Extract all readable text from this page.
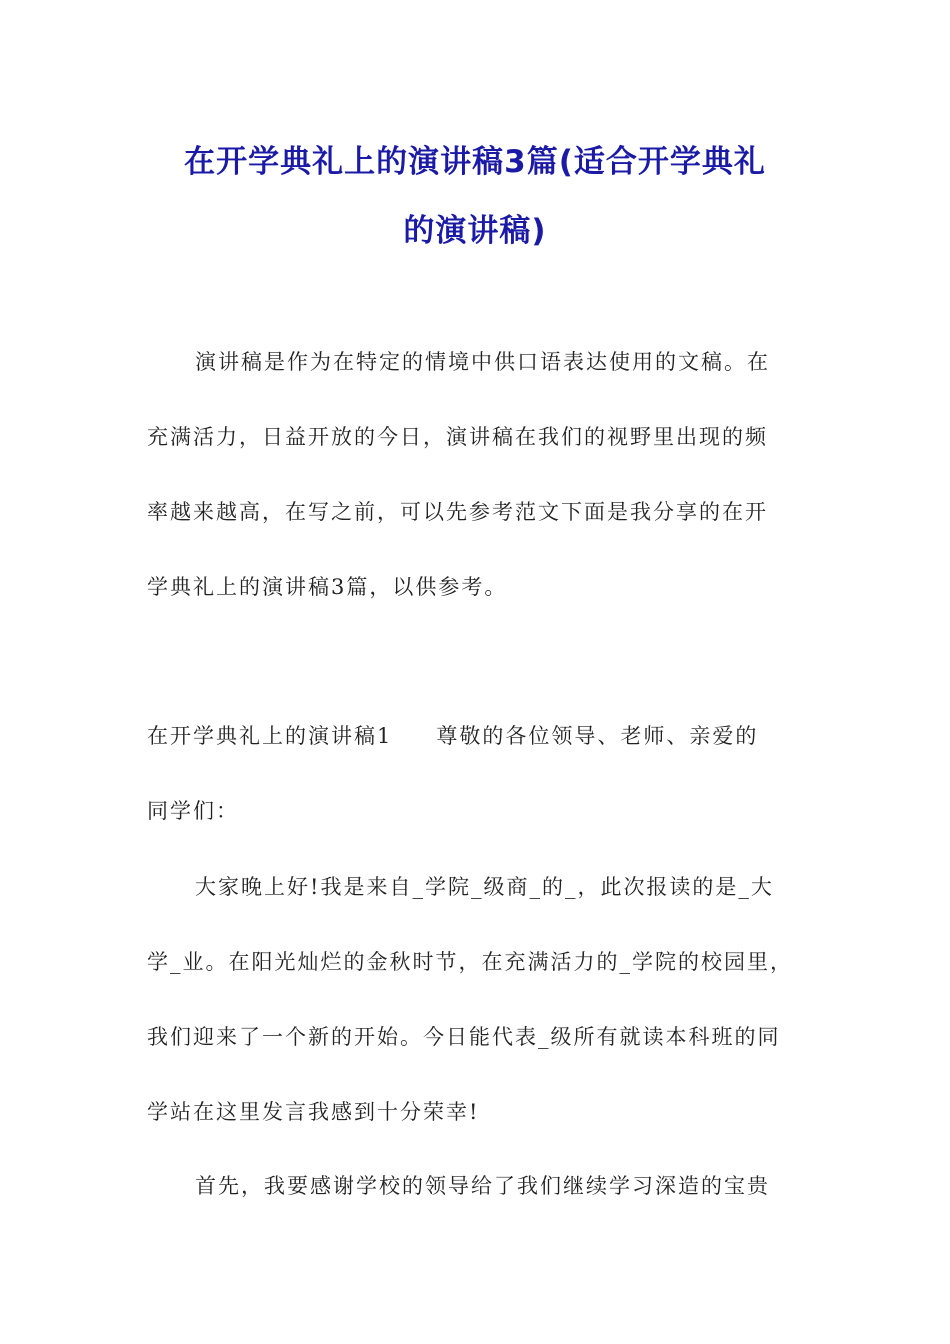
在开学典礼上的演讲稿3篇(适合开学典礼
的演讲稿)

演讲稿是作为在特定的情境中供口语表达使用的文稿。在

充满活力，日益开放的今日，演讲稿在我们的视野里出现的频

率越来越高，在写之前，可以先参考范文下面是我分享的在开

学典礼上的演讲稿3篇，以供参考。

在开学典礼上的演讲稿1 尊敬的各位领导、老师、亲爱的

同学们：

大家晚上好!我是来自_学院_级商_的_，此次报读的是_大

学_业。在阳光灿烂的金秋时节，在充满活力的_学院的校园里，

我们迎来了一个新的开始。今日能代表_级所有就读本科班的同

学站在这里发言我感到十分荣幸!

首先，我要感谢学校的领导给了我们继续学习深造的宝贵
